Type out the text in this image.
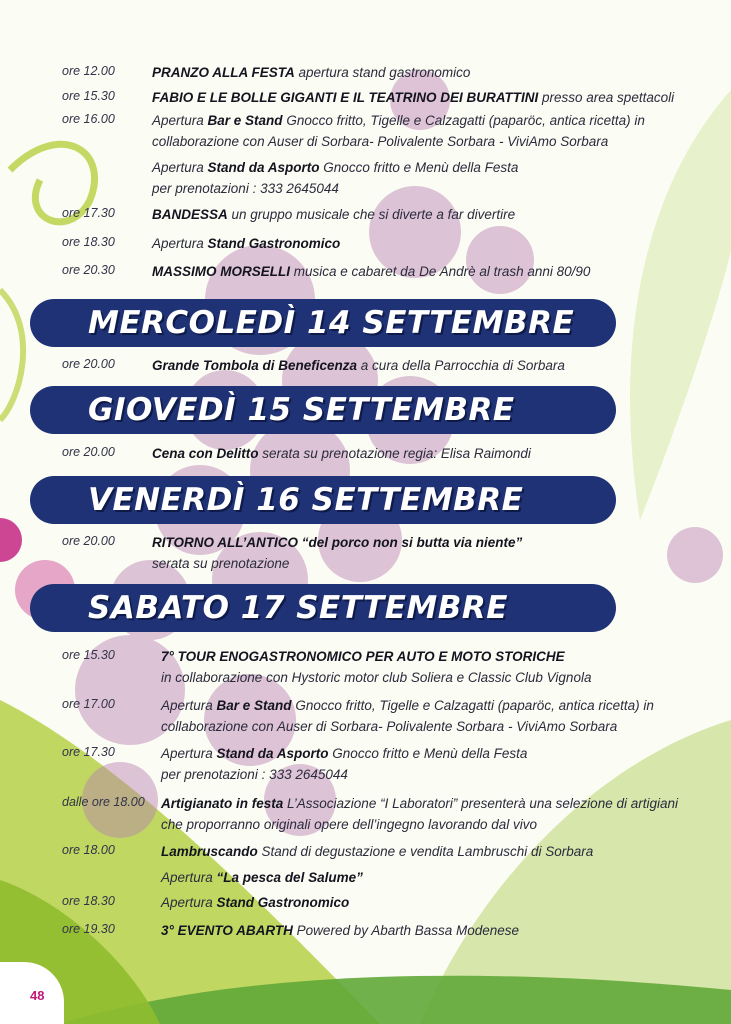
ore 12.00	PRANZO ALLA FESTA apertura stand gastronomico
ore 15.30	FABIO E LE BOLLE GIGANTI E IL TEATRINO DEI BURATTINI presso area spettacoli
ore 16.00	Apertura Bar e Stand Gnocco fritto, Tigelle e Calzagatti (paparöc, antica ricetta) in
collaborazione con Auser di Sorbara- Polivalente Sorbara - ViviAmo Sorbara
Apertura Stand da Asporto Gnocco fritto e Menù della Festa
per prenotazioni : 333 2645044
ore 17.30	BANDESSA un gruppo musicale che si diverte a far divertire
ore 18.30	Apertura Stand Gastronomico
ore 20.30	MASSIMO MORSELLI musica e cabaret da De Andrè al trash anni 80/90
MERCOLEDÌ 14 SETTEMBRE
ore 20.00	Grande Tombola di Beneficenza a cura della Parrocchia di Sorbara
GIOVEDÌ 15 SETTEMBRE
ore 20.00	Cena con Delitto serata su prenotazione regia: Elisa Raimondi
VENERDÌ 16 SETTEMBRE
ore 20.00	RITORNO ALL’ANTICO “del porco non si butta via niente”
serata su prenotazione
SABATO 17 SETTEMBRE
ore 15.30	7° TOUR ENOGASTRONOMICO PER AUTO E MOTO STORICHE
in collaborazione con Hystoric motor club Soliera e Classic Club Vignola
ore 17.00	Apertura Bar e Stand Gnocco fritto, Tigelle e Calzagatti (paparöc, antica ricetta) in
collaborazione con Auser di Sorbara- Polivalente Sorbara - ViviAmo Sorbara
ore 17.30	Apertura Stand da Asporto Gnocco fritto e Menù della Festa
per prenotazioni : 333 2645044
dalle ore 18.00 Artigianato in festa L’Associazione “I Laboratori” presenterà una selezione di artigiani
che proporranno originali opere dell’ingegno lavorando dal vivo
ore 18.00	Lambruscando Stand di degustazione e vendita Lambruschi di Sorbara
Apertura “La pesca del Salume”
ore 18.30	Apertura Stand Gastronomico
ore 19.30	3° EVENTO ABARTH Powered by Abarth Bassa Modenese
48
